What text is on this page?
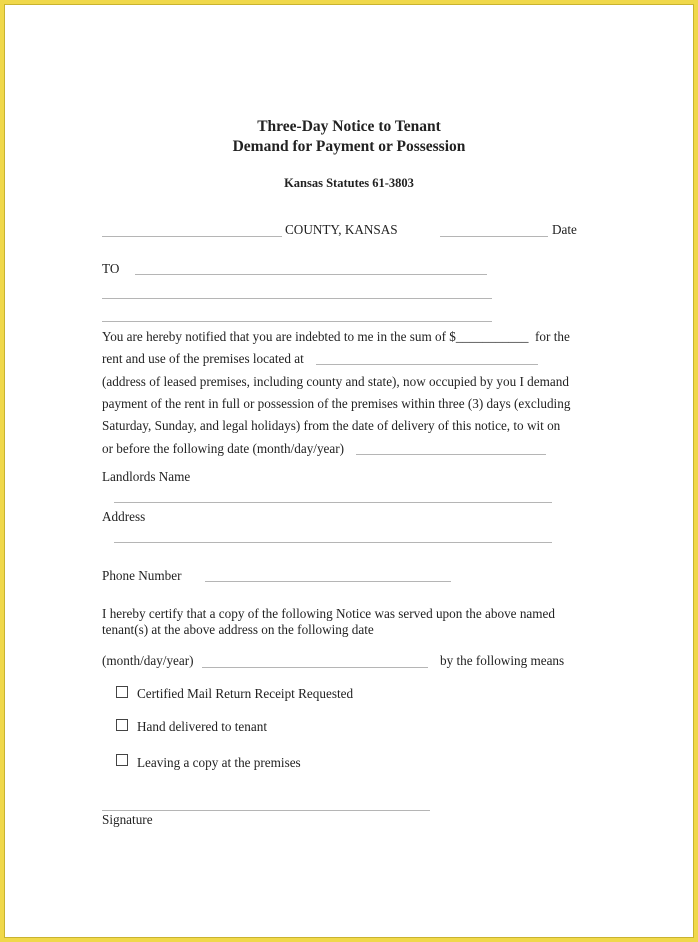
Three-Day Notice to Tenant
Demand for Payment or Possession
Kansas Statutes 61-3803
COUNTY, KANSAS	Date
TO
You are hereby notified that you are indebted to me in the sum of $___________ for the
rent and use of the premises located at
(address of leased premises, including county and state), now occupied by you I demand
payment of the rent in full or possession of the premises within three (3) days (excluding
Saturday, Sunday, and legal holidays) from the date of delivery of this notice, to wit on
or before the following date (month/day/year)
Landlords Name
Address
Phone Number
I hereby certify that a copy of the following Notice was served upon the above named
tenant(s) at the above address on the following date
(month/day/year)	by the following means
Certified Mail Return Receipt Requested
Hand delivered to tenant
Leaving a copy at the premises
Signature
